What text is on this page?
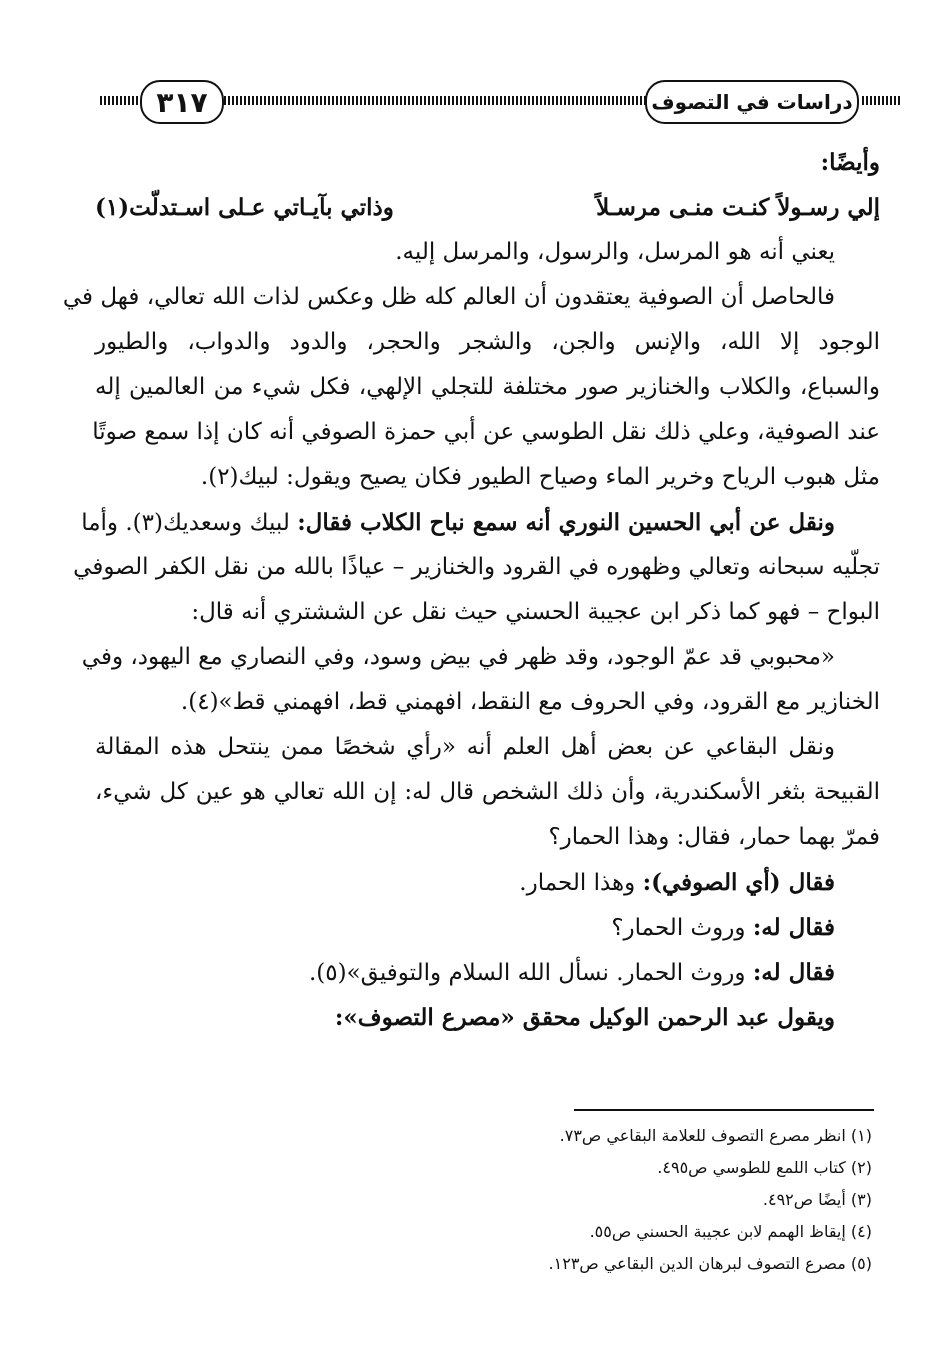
٣١٧	دراسات في التصوف
وأيضًا:
إلي رسـولاً كنـت منـى مرسـلاً
وذاتي بآيـاتي عـلى اسـتدلّت(١)
يعني أنه هو المرسل، والرسول، والمرسل إليه.
فالحاصل أن الصوفية يعتقدون أن العالم كله ظل وعكس لذات الله تعالي، فهل في
الوجود إلا الله، والإنس والجن، والشجر والحجر، والدود والدواب، والطيور
والسباع، والكلاب والخنازير صور مختلفة للتجلي الإلهي، فكل شيء من العالمين إله
عند الصوفية، وعلي ذلك نقل الطوسي عن أبي حمزة الصوفي أنه كان إذا سمع صوتًا
مثل هبوب الرياح وخرير الماء وصياح الطيور فكان يصيح ويقول: لبيك(٢).
ونقل عن أبي الحسين النوري أنه سمع نباح الكلاب فقال: لبيك وسعديك(٣). وأما
تجلّيه سبحانه وتعالي وظهوره في القرود والخنازير – عياذًا بالله من نقل الكفر الصوفي
البواح – فهو كما ذكر ابن عجيبة الحسني حيث نقل عن الششتري أنه قال:
«محبوبي قد عمّ الوجود، وقد ظهر في بيض وسود، وفي النصاري مع اليهود، وفي
الخنازير مع القرود، وفي الحروف مع النقط، افهمني قط، افهمني قط»(٤).
ونقل البقاعي عن بعض أهل العلم أنه «رأي شخصًا ممن ينتحل هذه المقالة
القبيحة بثغر الأسكندرية، وأن ذلك الشخص قال له: إن الله تعالي هو عين كل شيء،
فمرّ بهما حمار، فقال: وهذا الحمار؟
فقال (أي الصوفي): وهذا الحمار.
فقال له: وروث الحمار؟
فقال له: وروث الحمار. نسأل الله السلام والتوفيق»(٥).
ويقول عبد الرحمن الوكيل محقق «مصرع التصوف»:
(١) انظر مصرع التصوف للعلامة البقاعي ص٧٣.
(٢) كتاب اللمع للطوسي ص٤٩٥.
(٣) أيضًا ص٤٩٢.
(٤) إيقاظ الهمم لابن عجيبة الحسني ص٥٥.
(٥) مصرع التصوف لبرهان الدين البقاعي ص١٢٣.
